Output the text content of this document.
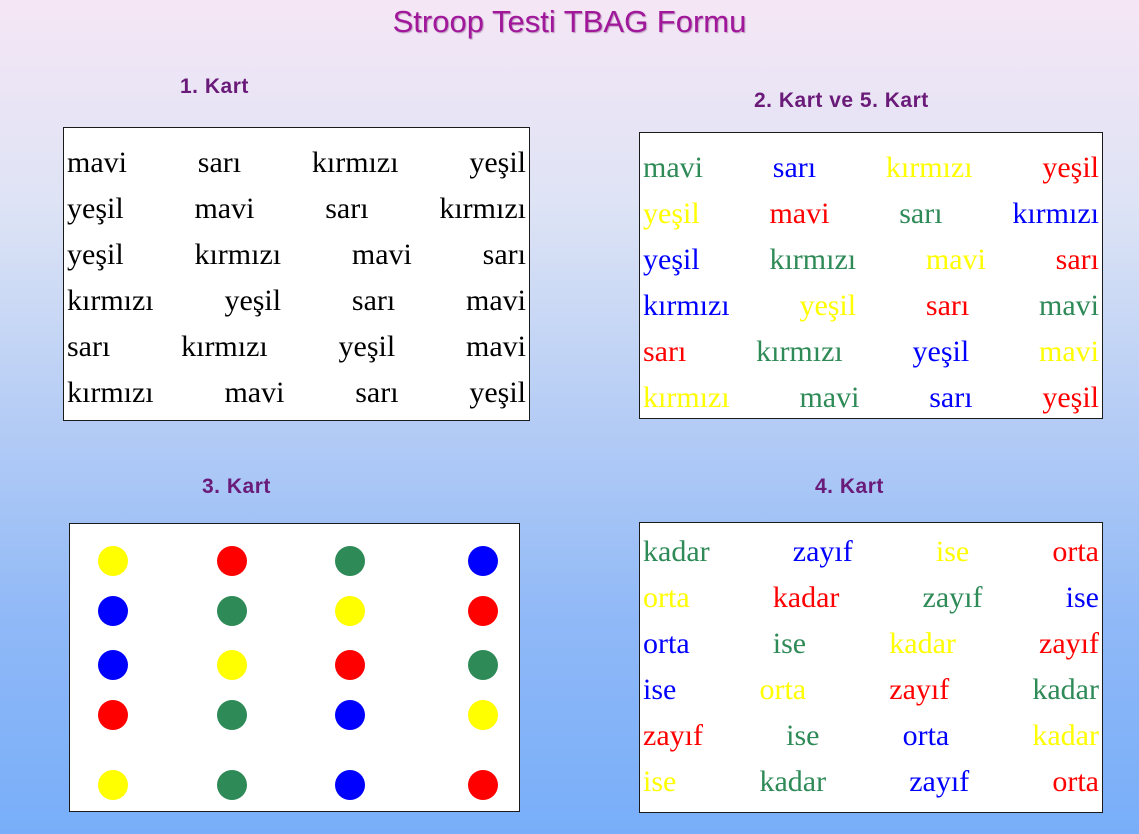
Stroop Testi TBAG Formu
1. Kart
mavi sarı kırmızı yeşil
yeşil mavi sarı kırmızı
yeşil kırmızı mavi sarı
kırmızı yeşil sarı mavi
sarı kırmızı yeşil mavi
kırmızı mavi sarı yeşil
2. Kart ve 5. Kart
mavi sarı kırmızı yeşil
yeşil mavi sarı kırmızı
yeşil kırmızı mavi sarı
kırmızı yeşil sarı mavi
sarı kırmızı yeşil mavi
kırmızı mavi sarı yeşil
3. Kart	4. Kart
kadar	zayıf	ise	orta
orta	kadar	zayıf	ise
orta	ise	kadar	zayıf
ise	orta	zayıf	kadar
zayıf	ise	orta	kadar
ise	kadar	zayıf	orta
